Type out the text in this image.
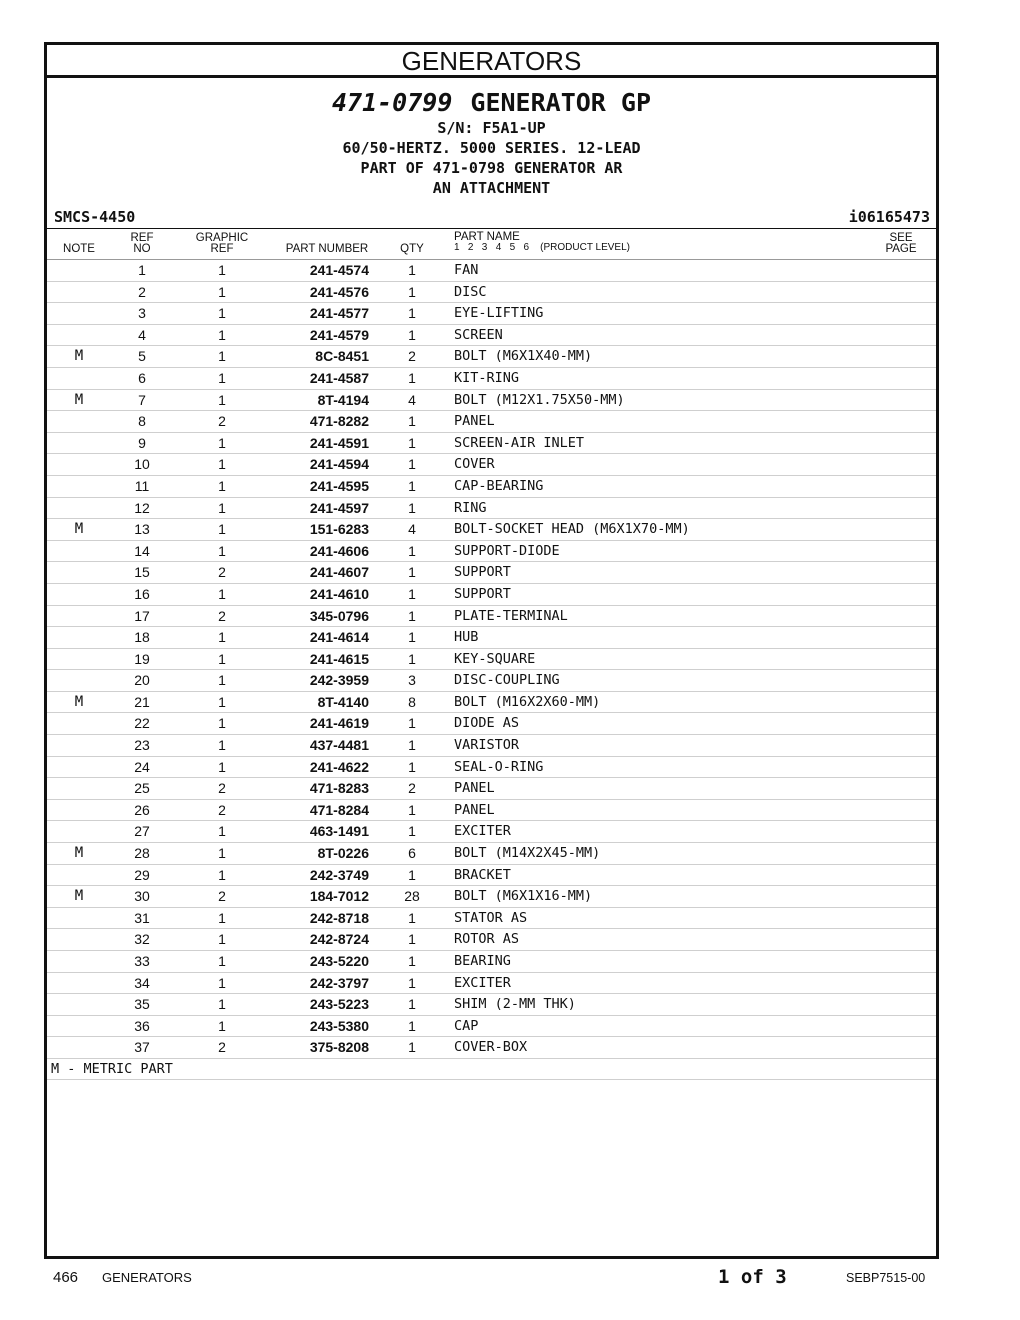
GENERATORS
471-0799 GENERATOR GP
S/N: F5A1-UP
60/50-HERTZ. 5000 SERIES. 12-LEAD
PART OF 471-0798 GENERATOR AR
AN ATTACHMENT
SMCS-4450	i06165473
NOTE
REF
NO
GRAPHIC
REF	PART NUMBER	QTY
PART NAME
1   2   3   4   5   6    (PRODUCT LEVEL)
SEE
PAGE
1	1	241-4574	1	FAN
2	1	241-4576	1	DISC
3	1	241-4577	1	EYE-LIFTING
4	1	241-4579	1	SCREEN
M	5	1	8C-8451	2	BOLT (M6X1X40-MM)
6	1	241-4587	1	KIT-RING
M	7	1	8T-4194	4	BOLT (M12X1.75X50-MM)
8	2	471-8282	1	PANEL
9	1	241-4591	1	SCREEN-AIR INLET
10	1	241-4594	1	COVER
11	1	241-4595	1	CAP-BEARING
12	1	241-4597	1	RING
M	13	1	151-6283	4	BOLT-SOCKET HEAD (M6X1X70-MM)
14	1	241-4606	1	SUPPORT-DIODE
15	2	241-4607	1	SUPPORT
16	1	241-4610	1	SUPPORT
17	2	345-0796	1	PLATE-TERMINAL
18	1	241-4614	1	HUB
19	1	241-4615	1	KEY-SQUARE
20	1	242-3959	3	DISC-COUPLING
M	21	1	8T-4140	8	BOLT (M16X2X60-MM)
22	1	241-4619	1	DIODE AS
23	1	437-4481	1	VARISTOR
24	1	241-4622	1	SEAL-O-RING
25	2	471-8283	2	PANEL
26	2	471-8284	1	PANEL
27	1	463-1491	1	EXCITER
M	28	1	8T-0226	6	BOLT (M14X2X45-MM)
29	1	242-3749	1	BRACKET
M	30	2	184-7012	28	BOLT (M6X1X16-MM)
31	1	242-8718	1	STATOR AS
32	1	242-8724	1	ROTOR AS
33	1	243-5220	1	BEARING
34	1	242-3797	1	EXCITER
35	1	243-5223	1	SHIM (2-MM THK)
36	1	243-5380	1	CAP
37	2	375-8208	1	COVER-BOX
M - METRIC PART
466 GENERATORS	1 of 3	SEBP7515-00
